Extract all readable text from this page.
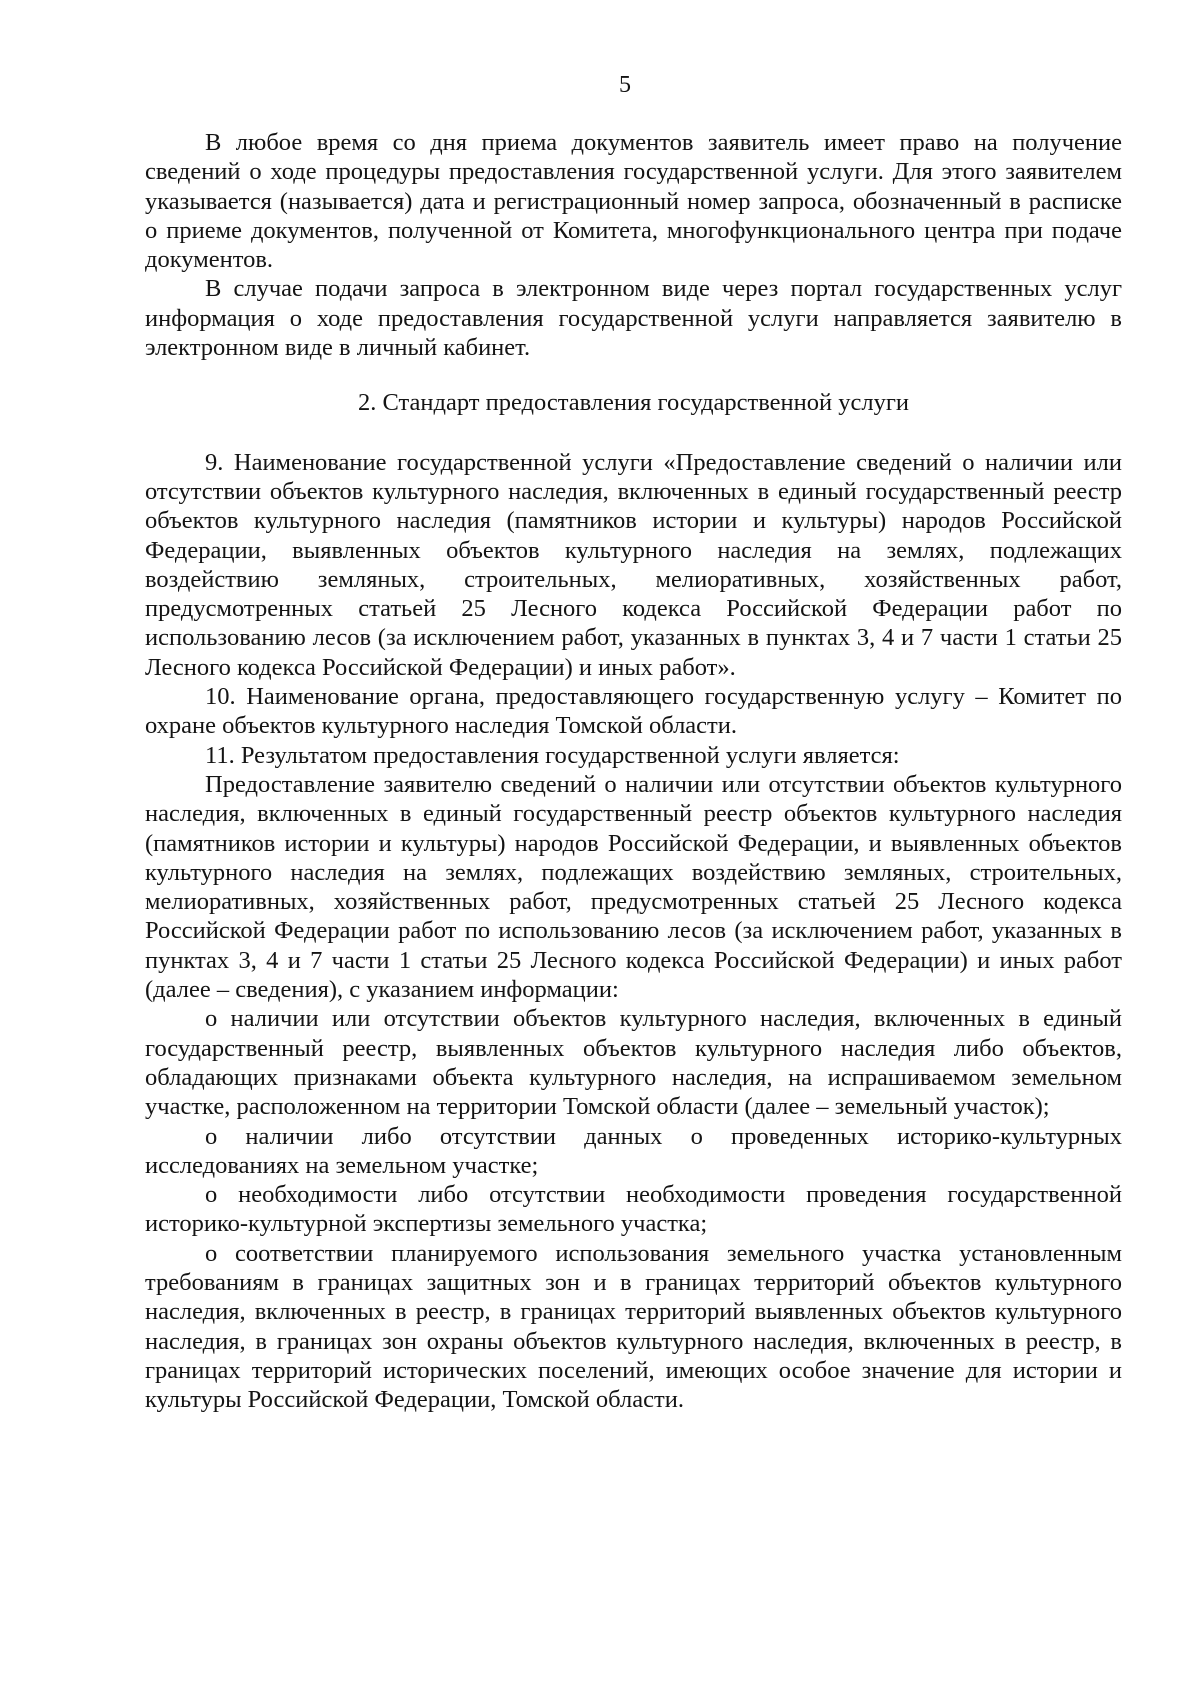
5

В любое время со дня приема документов заявитель имеет право на получение сведений о ходе процедуры предоставления государственной услуги. Для этого заявителем указывается (называется) дата и регистрационный номер запроса, обозначенный в расписке о приеме документов, полученной от Комитета, многофункционального центра при подаче документов.

В случае подачи запроса в электронном виде через портал государственных услуг информация о ходе предоставления государственной услуги направляется заявителю в электронном виде в личный кабинет.

2. Стандарт предоставления государственной услуги

9. Наименование государственной услуги «Предоставление сведений о наличии или отсутствии объектов культурного наследия, включенных в единый государственный реестр объектов культурного наследия (памятников истории и культуры) народов Российской Федерации, выявленных объектов культурного наследия на землях, подлежащих воздействию земляных, строительных, мелиоративных, хозяйственных работ, предусмотренных статьей 25 Лесного кодекса Российской Федерации работ по использованию лесов (за исключением работ, указанных в пунктах 3, 4 и 7 части 1 статьи 25 Лесного кодекса Российской Федерации) и иных работ».

10. Наименование органа, предоставляющего государственную услугу – Комитет по охране объектов культурного наследия Томской области.

11. Результатом предоставления государственной услуги является:

Предоставление заявителю сведений о наличии или отсутствии объектов культурного наследия, включенных в единый государственный реестр объектов культурного наследия (памятников истории и культуры) народов Российской Федерации, и выявленных объектов культурного наследия на землях, подлежащих воздействию земляных, строительных, мелиоративных, хозяйственных работ, предусмотренных статьей 25 Лесного кодекса Российской Федерации работ по использованию лесов (за исключением работ, указанных в пунктах 3, 4 и 7 части 1 статьи 25 Лесного кодекса Российской Федерации) и иных работ (далее – сведения), с указанием информации:

о наличии или отсутствии объектов культурного наследия, включенных в единый государственный реестр, выявленных объектов культурного наследия либо объектов, обладающих признаками объекта культурного наследия, на испрашиваемом земельном участке, расположенном на территории Томской области (далее – земельный участок);

о наличии либо отсутствии данных о проведенных историко-культурных исследованиях на земельном участке;

о необходимости либо отсутствии необходимости проведения государственной историко-культурной экспертизы земельного участка;

о соответствии планируемого использования земельного участка установленным требованиям в границах защитных зон и в границах территорий объектов культурного наследия, включенных в реестр, в границах территорий выявленных объектов культурного наследия, в границах зон охраны объектов культурного наследия, включенных в реестр, в границах территорий исторических поселений, имеющих особое значение для истории и культуры Российской Федерации, Томской области.
